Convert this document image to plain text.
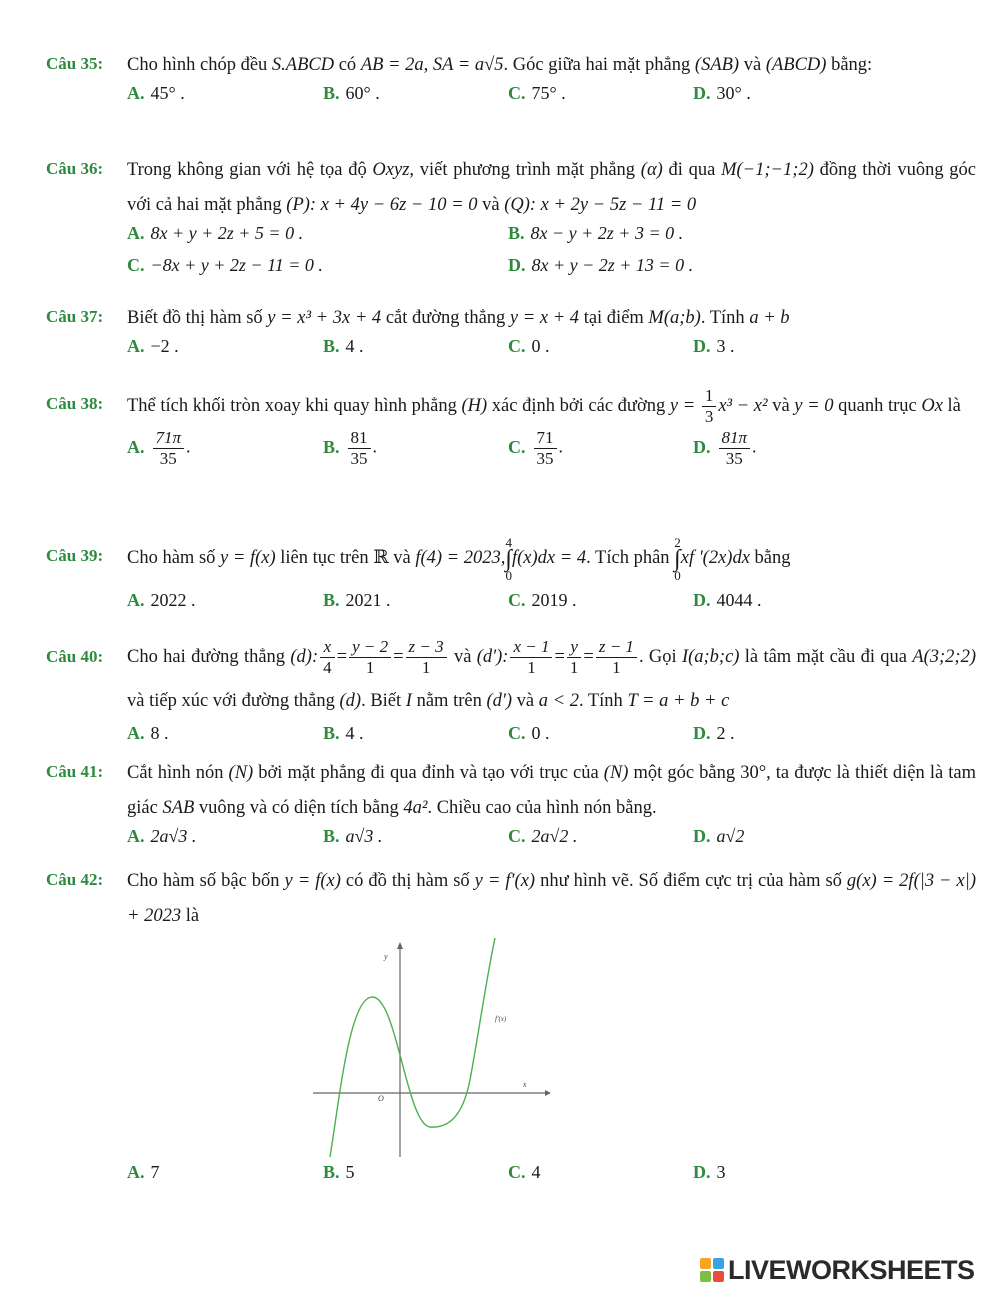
Câu 35:	Cho hình chóp đều S.ABCD có AB = 2a, SA = a√5. Góc giữa hai mặt phẳng (SAB) và (ABCD) bằng:
A. 45° .	B. 60° .	C. 75° .	D. 30° .
Câu 36:	Trong không gian với hệ tọa độ Oxyz, viết phương trình mặt phẳng (α) đi qua M(−1;−1;2) đồng thời vuông góc với cả hai mặt phẳng (P): x + 4y − 6z − 10 = 0 và (Q): x + 2y − 5z − 11 = 0
A. 8x + y + 2z + 5 = 0 .	B. 8x − y + 2z + 3 = 0 .
C. −8x + y + 2z − 11 = 0 .	D. 8x + y − 2z + 13 = 0 .
Câu 37:	Biết đồ thị hàm số y = x³ + 3x + 4 cắt đường thẳng y = x + 4 tại điểm M(a;b). Tính a + b
A. −2 .	B. 4 .	C. 0 .	D. 3 .
Câu 38:	Thể tích khối tròn xoay khi quay hình phẳng (H) xác định bởi các đường $y = \frac{1}{3} x^3 - x^2$ và y = 0 quanh trục Ox là
A. $\frac{71\pi}{35}$ .	B. $\frac{81}{35}$ .	C. $\frac{71}{35}$ .	D. $\frac{81\pi}{35}$ .
Câu 39:	Cho hàm số y = f(x) liên tục trên ℝ và f(4) = 2023,4
∫
0f(x)dx = 4. Tích phân 2
∫
0xf '(2x)dx bằng
A. 2022 .	B. 2021 .	C. 2019 .	D. 4044 .
Câu 40:	Cho hai đường thẳng (d): $\frac{x}{4} = \frac{y - 2}{1} = \frac{z - 3}{1}$ và (d'): $\frac{x - 1}{1} = \frac{y}{1} = \frac{z - 1}{1}$ . Gọi I(a;b;c) là tâm mặt cầu đi qua A(3;2;2) và tiếp xúc với đường thẳng (d). Biết I nằm trên (d') và a < 2. Tính T = a + b + c
A. 8 .	B. 4 .	C. 0 .	D. 2 .
Câu 41:	Cắt hình nón (N) bởi mặt phẳng đi qua đỉnh và tạo với trục của (N) một góc bằng 30°, ta được là thiết diện là tam giác SAB vuông và có diện tích bằng 4a². Chiều cao của hình nón bằng.
A. 2a√3 .	B. a√3 .	C. 2a√2 .	D. a√2
Câu 42:	Cho hàm số bậc bốn y = f(x) có đồ thị hàm số y = f′(x) như hình vẽ. Số điểm cực trị của hàm số g(x) = 2f(|3 − x|) + 2023 là
y
x
O
f'(x)
A. 7	B. 5	C. 4	D. 3
LIVEWORKSHEETS
